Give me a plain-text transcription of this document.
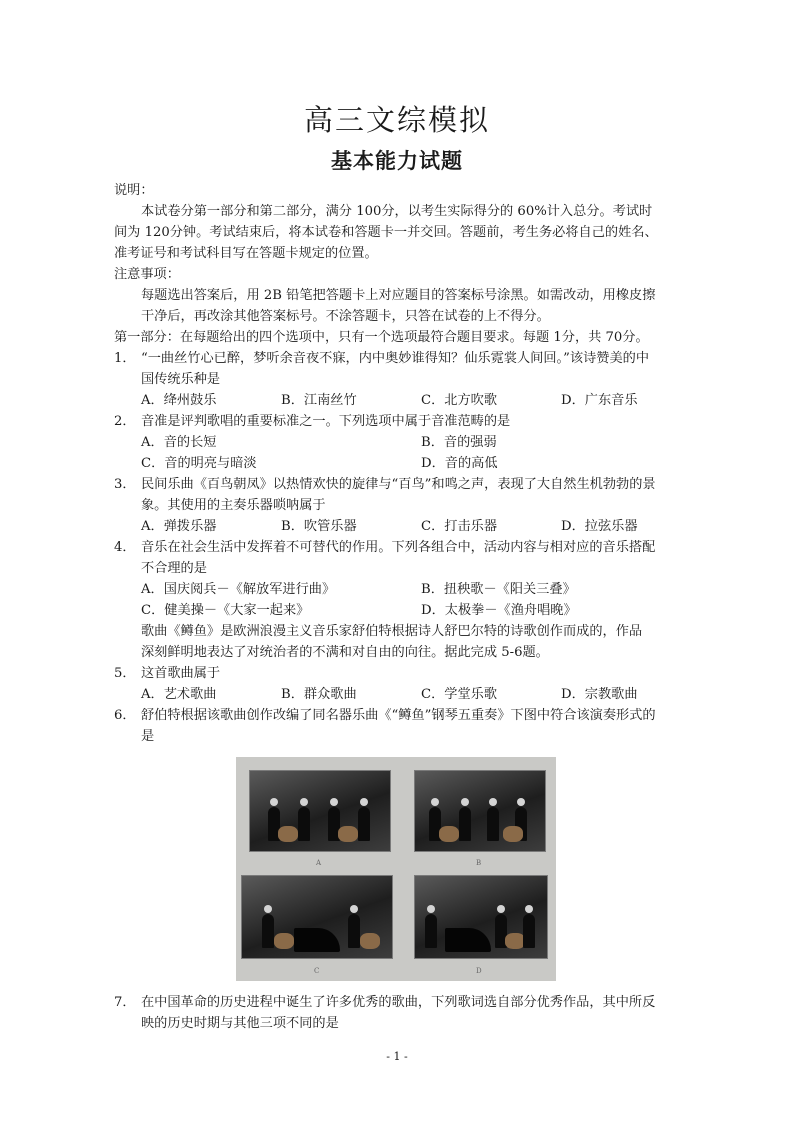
高三文综模拟
基本能力试题
说明：
本试卷分第一部分和第二部分，满分 100分，以考生实际得分的 60%计入总分。考试时
间为 120分钟。考试结束后，将本试卷和答题卡一并交回。答题前，考生务必将自己的姓名、
准考证号和考试科目写在答题卡规定的位置。
注意事项：
每题选出答案后，用 2B 铅笔把答题卡上对应题目的答案标号涂黑。如需改动，用橡皮擦
干净后，再改涂其他答案标号。不涂答题卡，只答在试卷的上不得分。
第一部分：在每题给出的四个选项中，只有一个选项最符合题目要求。每题 1分，共 70分。
1． “一曲丝竹心已醉，梦听余音夜不寐，内中奥妙谁得知？仙乐霓裳人间回。”该诗赞美的中
国传统乐种是
A．绛州鼓乐	B．江南丝竹	C．北方吹歌	D．广东音乐
2． 音准是评判歌唱的重要标准之一。下列选项中属于音准范畴的是
A．音的长短	B．音的强弱
C．音的明亮与暗淡	D．音的高低
3． 民间乐曲《百鸟朝凤》以热情欢快的旋律与“百鸟”和鸣之声，表现了大自然生机勃勃的景
象。其使用的主奏乐器唢呐属于
A．弹拨乐器	B．吹管乐器	C．打击乐器	D．拉弦乐器
4． 音乐在社会生活中发挥着不可替代的作用。下列各组合中，活动内容与相对应的音乐搭配
不合理的是
A．国庆阅兵－《解放军进行曲》	B．扭秧歌－《阳关三叠》
C．健美操－《大家一起来》	D．太极拳－《渔舟唱晚》
歌曲《鳟鱼》是欧洲浪漫主义音乐家舒伯特根据诗人舒巴尔特的诗歌创作而成的，作品
深刻鲜明地表达了对统治者的不满和对自由的向往。据此完成 5-6题。
5． 这首歌曲属于
A．艺术歌曲	B．群众歌曲	C．学堂乐歌	D．宗教歌曲
6． 舒伯特根据该歌曲创作改编了同名器乐曲《“鳟鱼”钢琴五重奏》下图中符合该演奏形式的
是
A	B
C	D
7． 在中国革命的历史进程中诞生了许多优秀的歌曲，下列歌词选自部分优秀作品，其中所反
映的历史时期与其他三项不同的是
- 1 -
